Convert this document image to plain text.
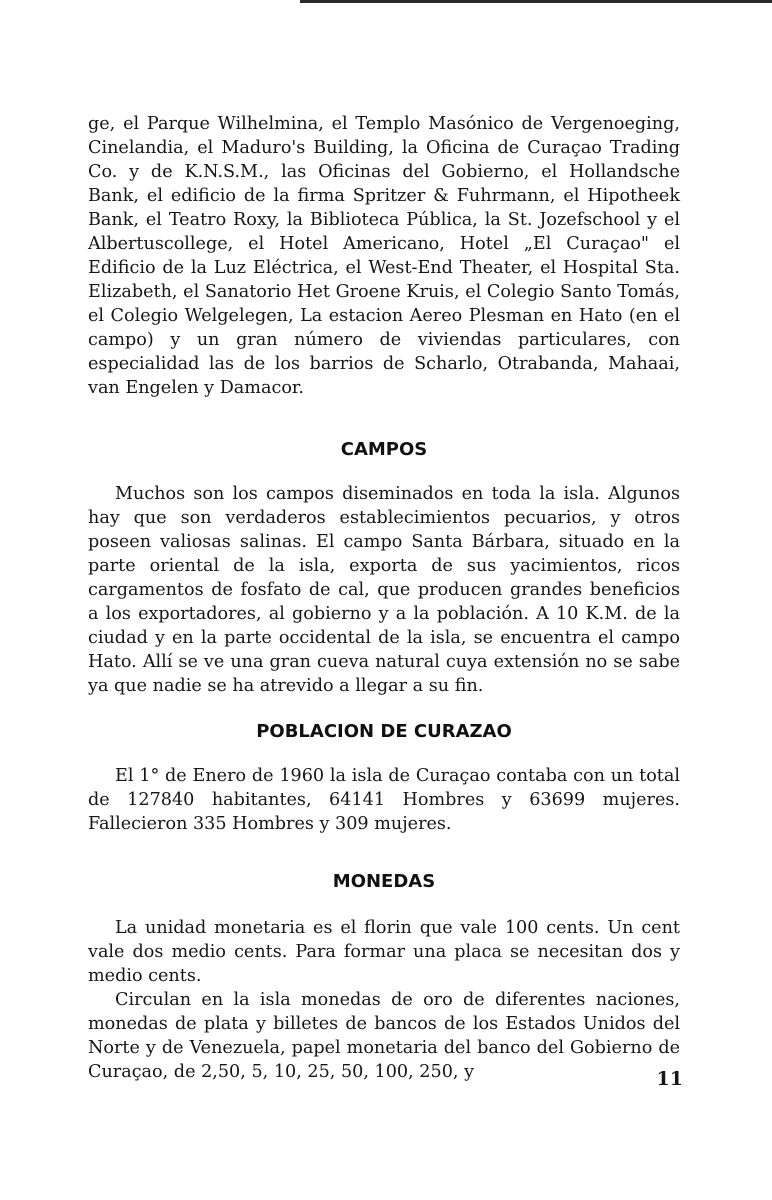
ge, el Parque Wilhelmina, el Templo Masónico de Vergenoeging, Cinelandia, el Maduro's Building, la Oficina de Curaçao Trading Co. y de K.N.S.M., las Oficinas del Gobierno, el Hollandsche Bank, el edificio de la firma Spritzer & Fuhrmann, el Hipotheek Bank, el Teatro Roxy, la Biblioteca Pública, la St. Jozefschool y el Albertuscollege, el Hotel Americano, Hotel „El Curaçao" el Edificio de la Luz Eléctrica, el West-End Theater, el Hospital Sta. Elizabeth, el Sanatorio Het Groene Kruis, el Colegio Santo Tomás, el Colegio Welgelegen, La estacion Aereo Plesman en Hato (en el campo) y un gran número de viviendas particulares, con especialidad las de los barrios de Scharlo, Otrabanda, Mahaai, van Engelen y Damacor.

CAMPOS

Muchos son los campos diseminados en toda la isla. Algunos hay que son verdaderos establecimientos pecuarios, y otros poseen valiosas salinas. El campo Santa Bárbara, situado en la parte oriental de la isla, exporta de sus yacimientos, ricos cargamentos de fosfato de cal, que producen grandes beneficios a los exportadores, al gobierno y a la población. A 10 K.M. de la ciudad y en la parte occidental de la isla, se encuentra el campo Hato. Allí se ve una gran cueva natural cuya extensión no se sabe ya que nadie se ha atrevido a llegar a su fin.

POBLACION DE CURAZAO

El 1° de Enero de 1960 la isla de Curaçao contaba con un total de 127840 habitantes, 64141 Hombres y 63699 mujeres. Fallecieron 335 Hombres y 309 mujeres.

MONEDAS

La unidad monetaria es el florin que vale 100 cents. Un cent vale dos medio cents. Para formar una placa se necesitan dos y medio cents.

Circulan en la isla monedas de oro de diferentes naciones, monedas de plata y billetes de bancos de los Estados Unidos del Norte y de Venezuela, papel monetaria del banco del Gobierno de Curaçao, de 2,50, 5, 10, 25, 50, 100, 250, y	11
